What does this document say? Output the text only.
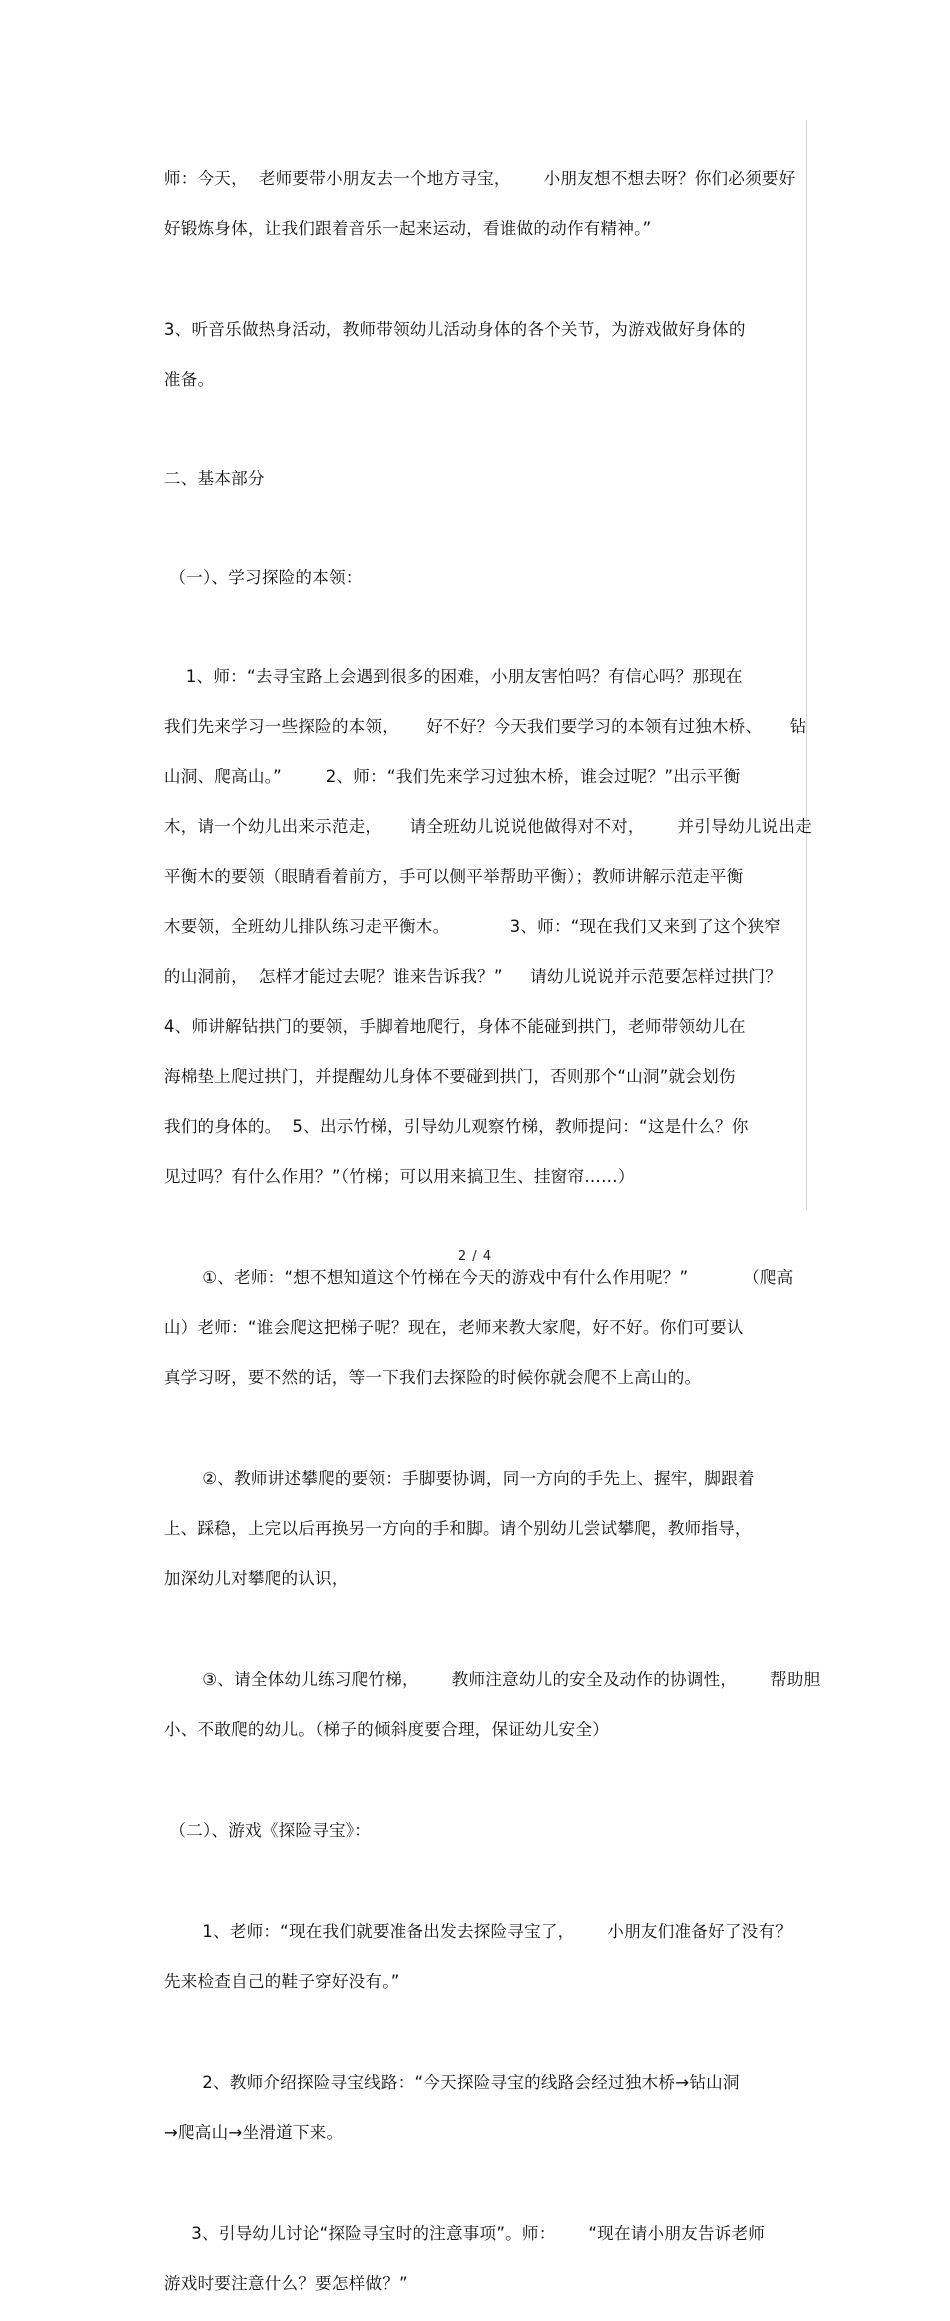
师：今天，  老师要带小朋友去一个地方寻宝，      小朋友想不想去呀？你们必须要好

好锻炼身体，让我们跟着音乐一起来运动，看谁做的动作有精神。”

3、听音乐做热身活动，教师带领幼儿活动身体的各个关节，为游戏做好身体的

准备。

二、基本部分

（一）、学习探险的本领：

1、师：“去寻宝路上会遇到很多的困难，小朋友害怕吗？有信心吗？那现在

我们先来学习一些探险的本领，     好不好？今天我们要学习的本领有过独木桥、     钻

山洞、爬高山。”        2、师：“我们先来学习过独木桥，谁会过呢？”出示平衡

木，请一个幼儿出来示范走，     请全班幼儿说说他做得对不对，      并引导幼儿说出走

平衡木的要领（眼睛看着前方，手可以侧平举帮助平衡）；教师讲解示范走平衡

木要领，全班幼儿排队练习走平衡木。           3、师：“现在我们又来到了这个狭窄

的山洞前，  怎样才能过去呢？谁来告诉我？”     请幼儿说说并示范要怎样过拱门？

4、师讲解钻拱门的要领，手脚着地爬行，身体不能碰到拱门，老师带领幼儿在

海棉垫上爬过拱门，并提醒幼儿身体不要碰到拱门，否则那个“山洞”就会划伤

我们的身体的。  5、出示竹梯，引导幼儿观察竹梯，教师提问：“这是什么？你

见过吗？有什么作用？”（竹梯；可以用来搞卫生、挂窗帘……）

①、老师：“想不想知道这个竹梯在今天的游戏中有什么作用呢？”          （爬高

山）老师：“谁会爬这把梯子呢？现在，老师来教大家爬，好不好。你们可要认

真学习呀，要不然的话，等一下我们去探险的时候你就会爬不上高山的。

②、教师讲述攀爬的要领：手脚要协调，同一方向的手先上、握牢，脚跟着

上、踩稳，上完以后再换另一方向的手和脚。请个别幼儿尝试攀爬，教师指导，

加深幼儿对攀爬的认识，

③、请全体幼儿练习爬竹梯，      教师注意幼儿的安全及动作的协调性，      帮助胆

小、不敢爬的幼儿。（梯子的倾斜度要合理，保证幼儿安全）

（二）、游戏《探险寻宝》：

1、老师：“现在我们就要准备出发去探险寻宝了，      小朋友们准备好了没有？

先来检查自己的鞋子穿好没有。”

2、教师介绍探险寻宝线路：“今天探险寻宝的线路会经过独木桥→钻山洞

→爬高山→坐滑道下来。

3、引导幼儿讨论“探险寻宝时的注意事项”。师：      “现在请小朋友告诉老师

游戏时要注意什么？要怎样做？”

2 / 4
